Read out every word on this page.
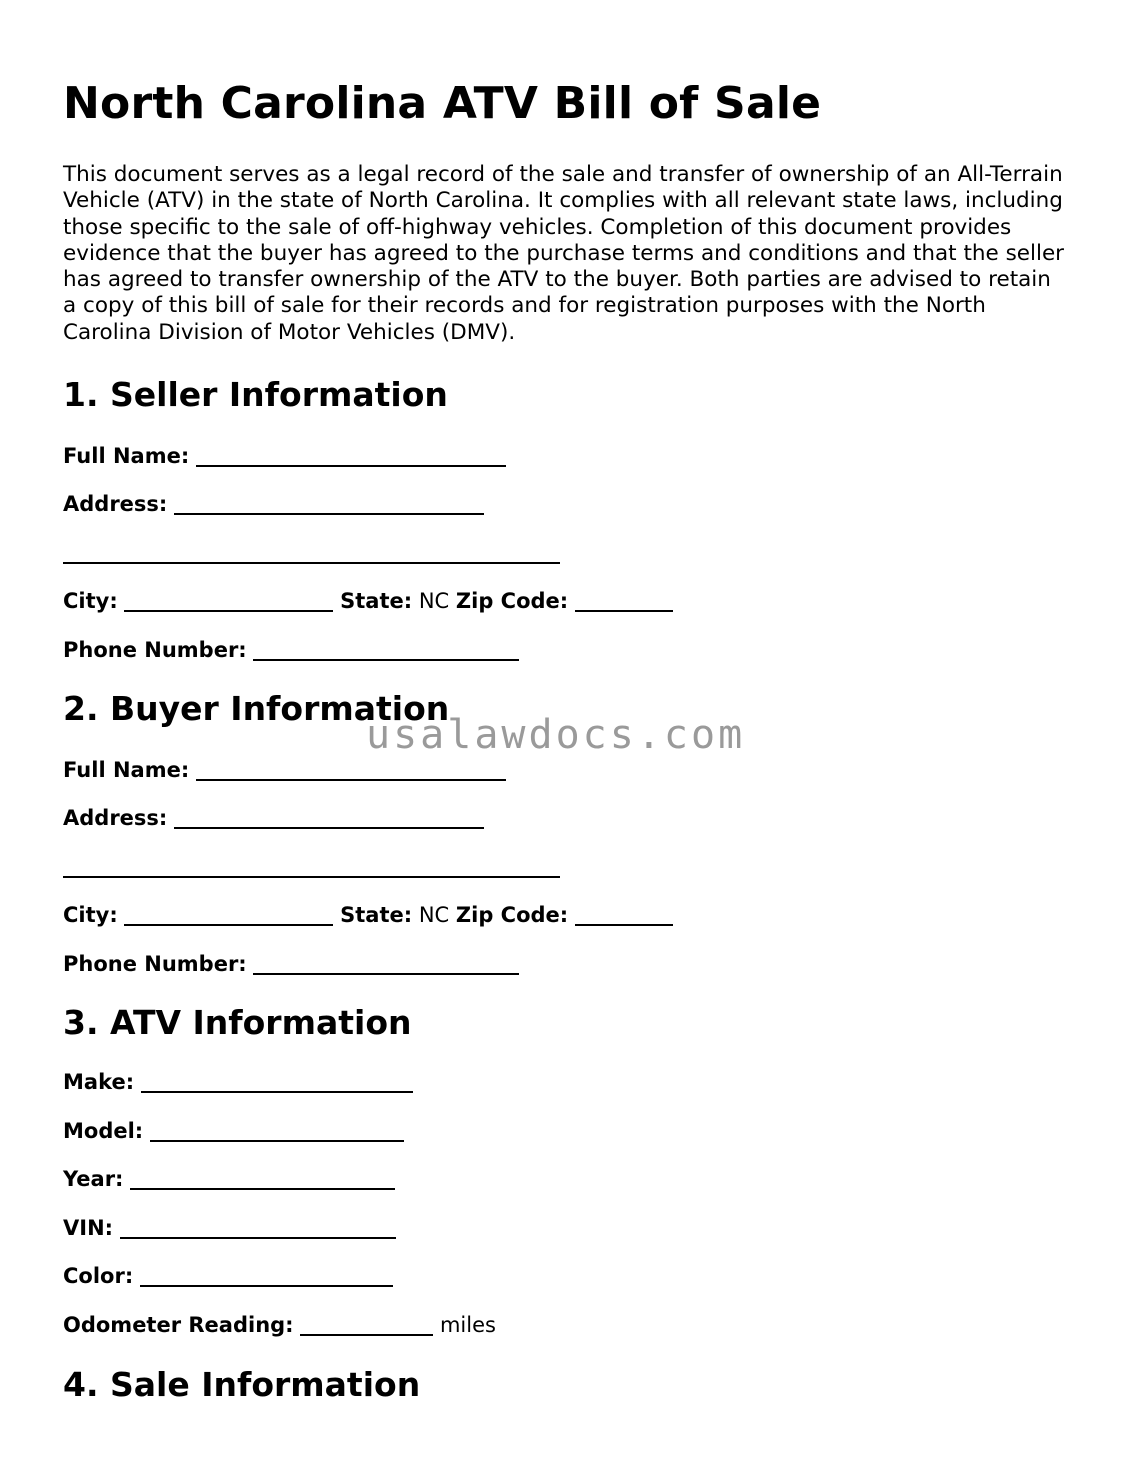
North Carolina ATV Bill of Sale

This document serves as a legal record of the sale and transfer of ownership of an All-Terrain Vehicle (ATV) in the state of North Carolina. It complies with all relevant state laws, including those specific to the sale of off-highway vehicles. Completion of this document provides evidence that the buyer has agreed to the purchase terms and conditions and that the seller has agreed to transfer ownership of the ATV to the buyer. Both parties are advised to retain a copy of this bill of sale for their records and for registration purposes with the North Carolina Division of Motor Vehicles (DMV).

1. Seller Information
Full Name:
Address:
City:	State: NC Zip Code:
Phone Number:
2. Buyer Information
Full Name:
Address:
City:	State: NC Zip Code:
Phone Number:
3. ATV Information
Make:
Model:
Year:
VIN:
Color:
Odometer Reading:	miles
4. Sale Information
usalawdocs.com
